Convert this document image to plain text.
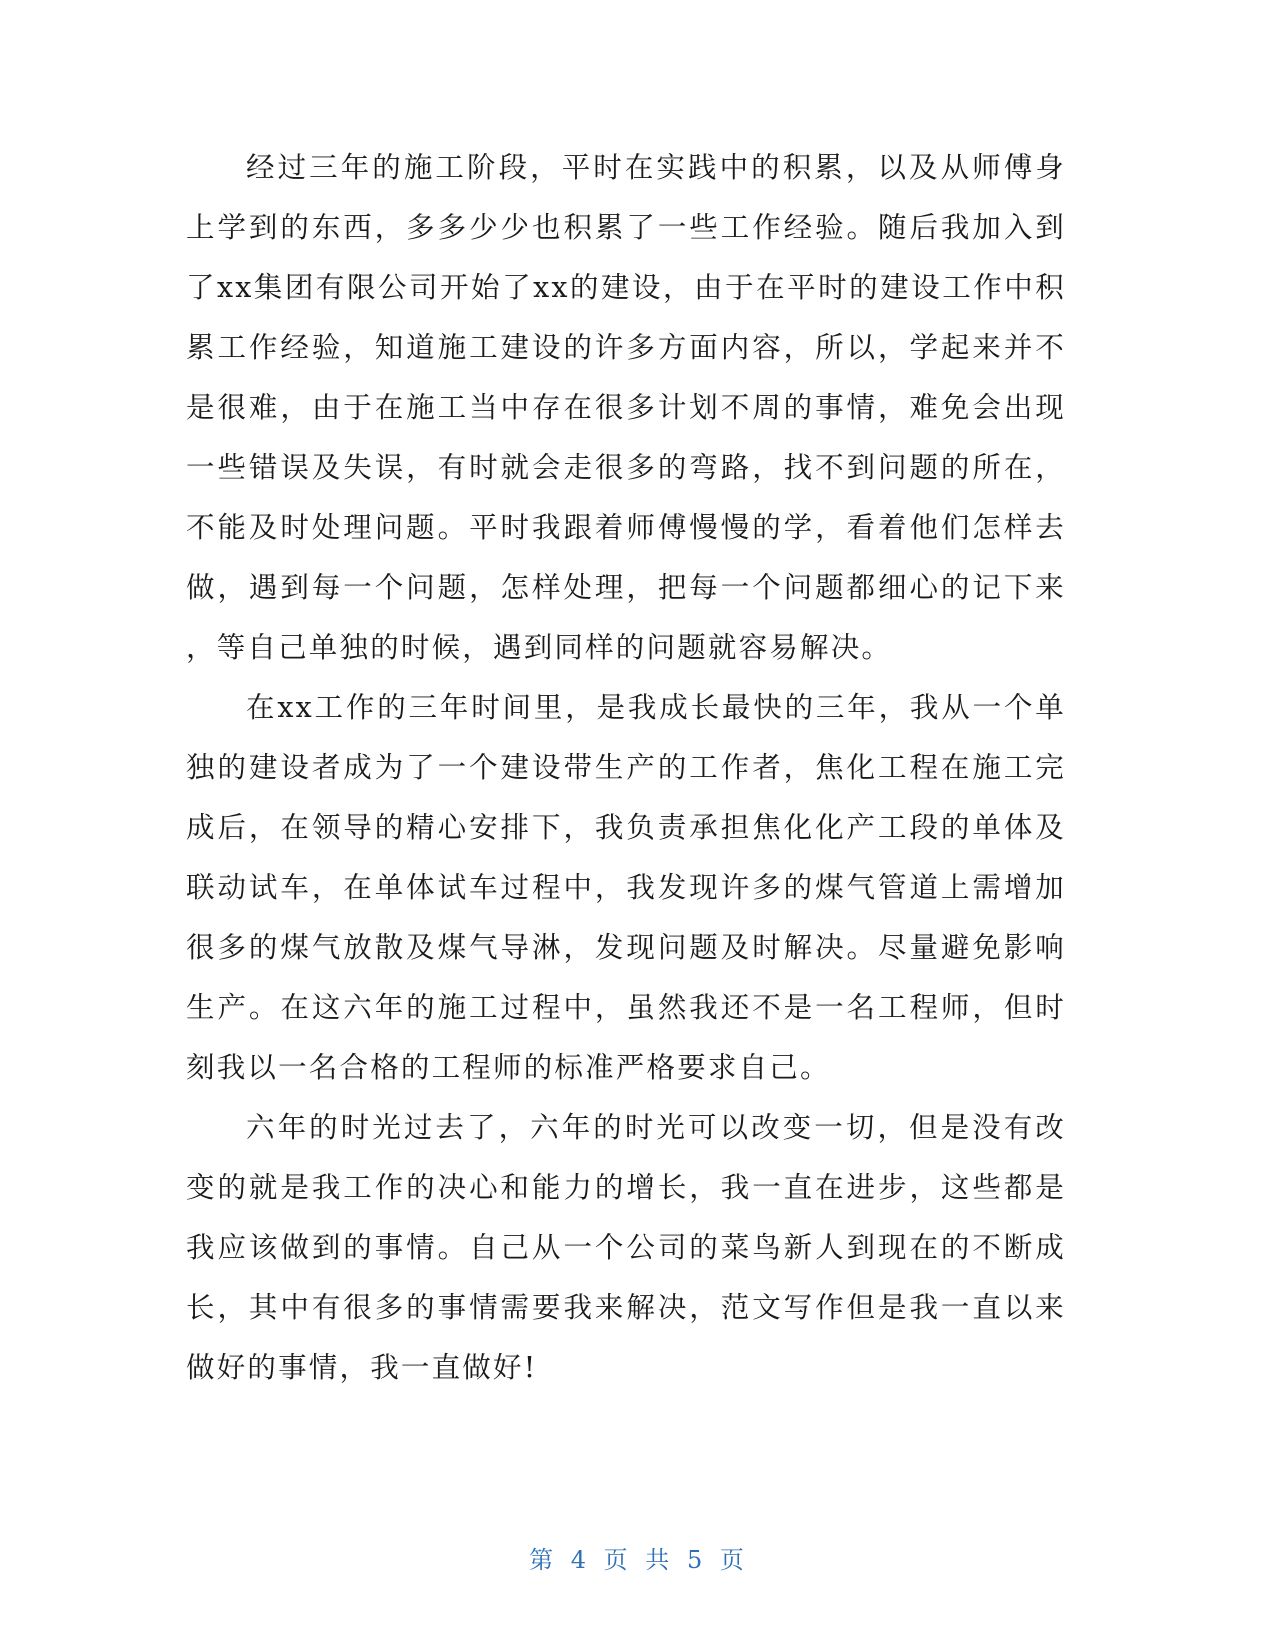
经过三年的施工阶段，平时在实践中的积累，以及从师傅身
上学到的东西，多多少少也积累了一些工作经验。随后我加入到
了xx集团有限公司开始了xx的建设，由于在平时的建设工作中积
累工作经验，知道施工建设的许多方面内容，所以，学起来并不
是很难，由于在施工当中存在很多计划不周的事情，难免会出现
一些错误及失误，有时就会走很多的弯路，找不到问题的所在，
不能及时处理问题。平时我跟着师傅慢慢的学，看着他们怎样去
做，遇到每一个问题，怎样处理，把每一个问题都细心的记下来
，等自己单独的时候，遇到同样的问题就容易解决。
在xx工作的三年时间里，是我成长最快的三年，我从一个单
独的建设者成为了一个建设带生产的工作者，焦化工程在施工完
成后，在领导的精心安排下，我负责承担焦化化产工段的单体及
联动试车，在单体试车过程中，我发现许多的煤气管道上需增加
很多的煤气放散及煤气导淋，发现问题及时解决。尽量避免影响
生产。在这六年的施工过程中，虽然我还不是一名工程师，但时
刻我以一名合格的工程师的标准严格要求自己。
六年的时光过去了，六年的时光可以改变一切，但是没有改
变的就是我工作的决心和能力的增长，我一直在进步，这些都是
我应该做到的事情。自己从一个公司的菜鸟新人到现在的不断成
长，其中有很多的事情需要我来解决，范文写作但是我一直以来
做好的事情，我一直做好!
第 4 页 共 5 页
